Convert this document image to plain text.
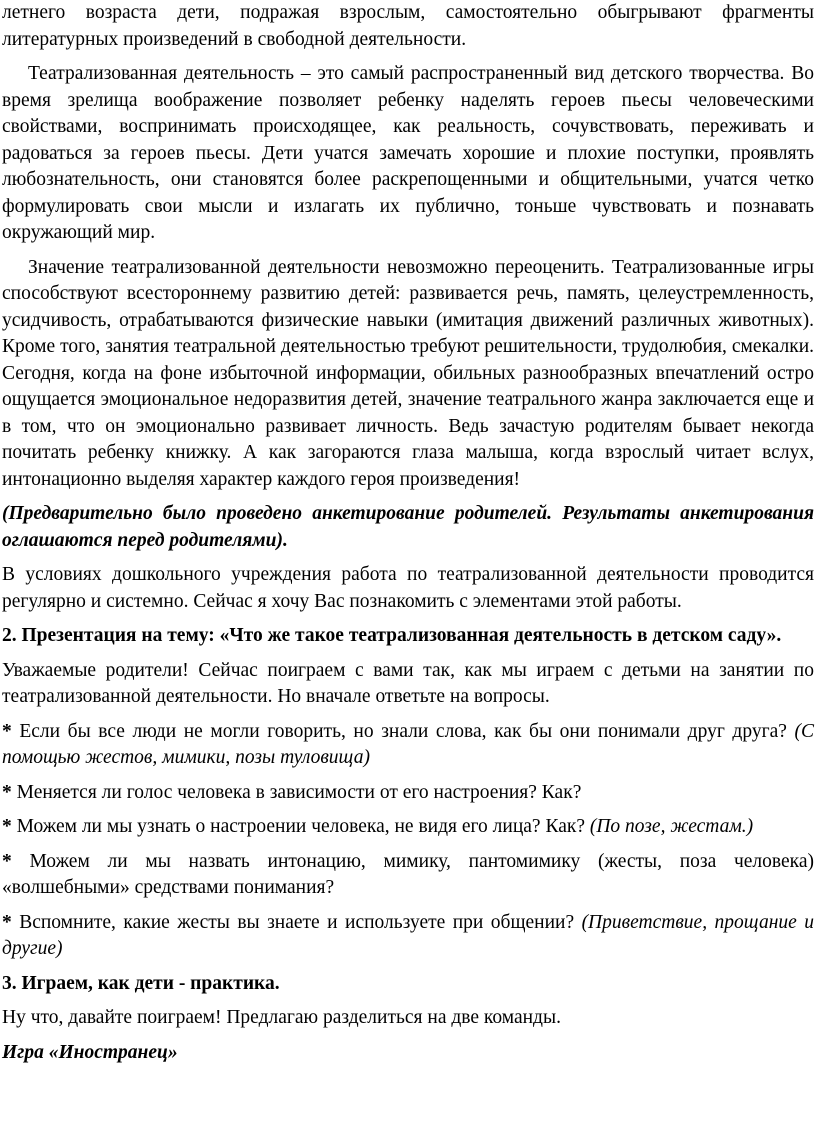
летнего возраста дети, подражая взрослым, самостоятельно обыгрывают фрагменты литературных произведений в свободной деятельности.

Театрализованная деятельность – это самый распространенный вид детского творчества. Во время зрелища воображение позволяет ребенку наделять героев пьесы человеческими свойствами, воспринимать происходящее, как реальность, сочувствовать, переживать и радоваться за героев пьесы. Дети учатся замечать хорошие и плохие поступки, проявлять любознательность, они становятся более раскрепощенными и общительными, учатся четко формулировать свои мысли и излагать их публично, тоньше чувствовать и познавать окружающий мир.

Значение театрализованной деятельности невозможно переоценить. Театрализованные игры способствуют всестороннему развитию детей: развивается речь, память, целеустремленность, усидчивость, отрабатываются физические навыки (имитация движений различных животных). Кроме того, занятия театральной деятельностью требуют решительности, трудолюбия, смекалки. Сегодня, когда на фоне избыточной информации, обильных разнообразных впечатлений остро ощущается эмоциональное недоразвития детей, значение театрального жанра заключается еще и в том, что он эмоционально развивает личность. Ведь зачастую родителям бывает некогда почитать ребенку книжку. А как загораются глаза малыша, когда взрослый читает вслух, интонационно выделяя характер каждого героя произведения!

(Предварительно было проведено анкетирование родителей. Результаты анкетирования оглашаются перед родителями).

В условиях дошкольного учреждения работа по театрализованной деятельности проводится регулярно и системно. Сейчас я хочу Вас познакомить с элементами этой работы.

2. Презентация на тему: «Что же такое театрализованная деятельность в детском саду».

Уважаемые родители! Сейчас поиграем с вами так, как мы играем с детьми на занятии по театрализованной деятельности. Но вначале ответьте на вопросы.

* Если бы все люди не могли говорить, но знали слова, как бы они понимали друг друга? (С помощью жестов, мимики, позы туловища)

* Меняется ли голос человека в зависимости от его настроения? Как?

* Можем ли мы узнать о настроении человека, не видя его лица? Как? (По позе, жестам.)

* Можем ли мы назвать интонацию, мимику, пантомимику (жесты, поза человека) «волшебными» средствами понимания?

* Вспомните, какие жесты вы знаете и используете при общении? (Приветствие, прощание и другие)

3. Играем, как дети - практика.

Ну что, давайте поиграем! Предлагаю разделиться на две команды.

Игра «Иностранец»
